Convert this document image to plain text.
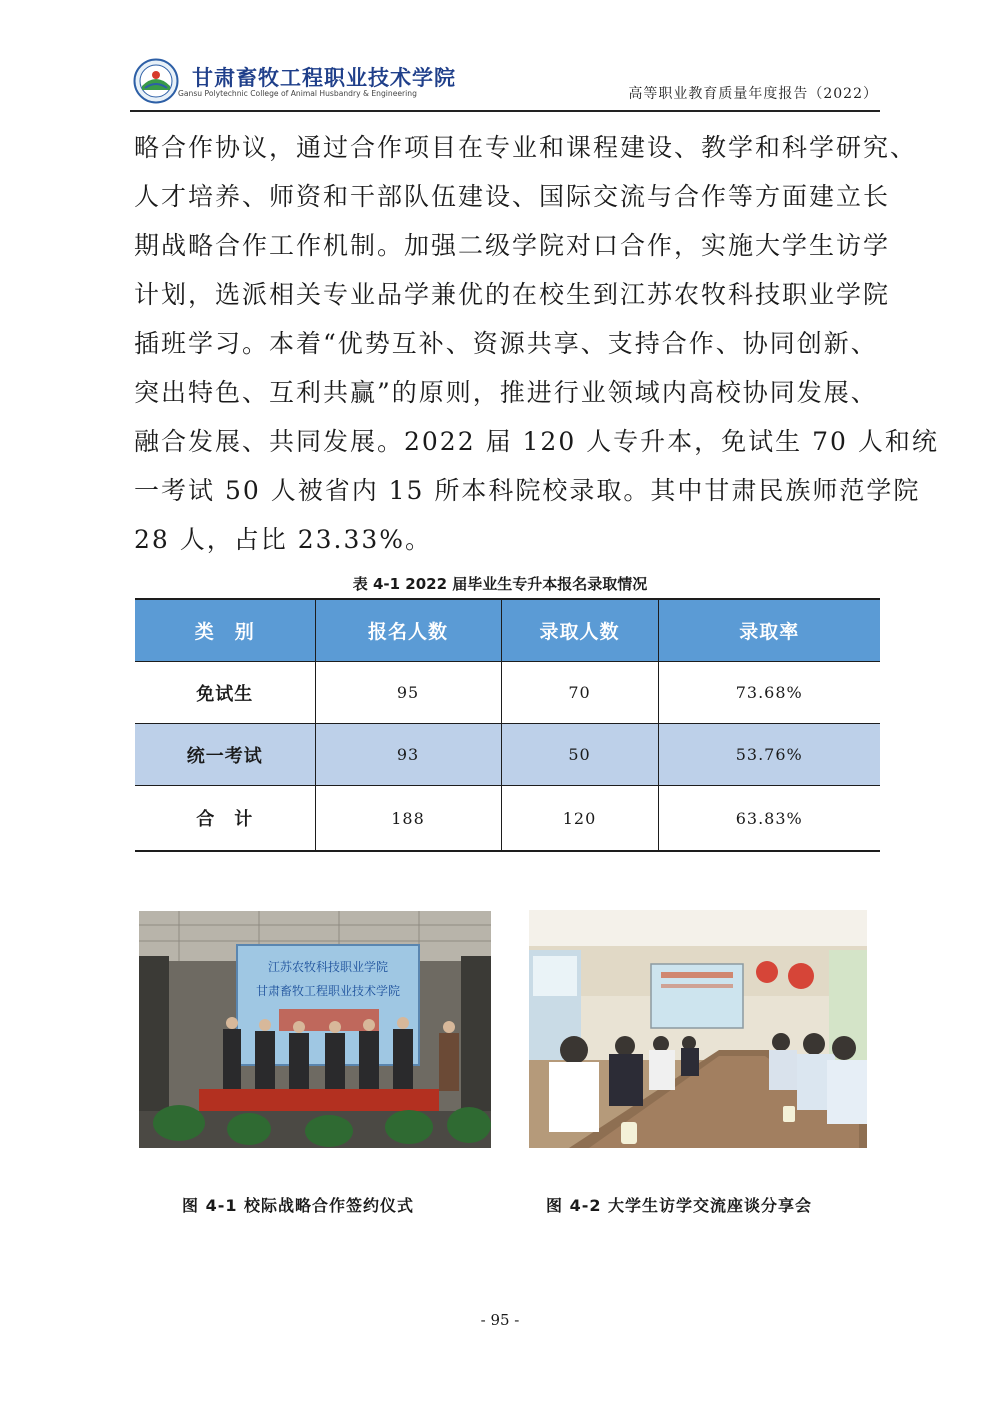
甘肃畜牧工程职业技术学院
Gansu Polytechnic College of Animal Husbandry & Engineering	高等职业教育质量年度报告（2022）
略合作协议，通过合作项目在专业和课程建设、教学和科学研究、
人才培养、师资和干部队伍建设、国际交流与合作等方面建立长
期战略合作工作机制。加强二级学院对口合作，实施大学生访学
计划，选派相关专业品学兼优的在校生到江苏农牧科技职业学院
插班学习。本着“优势互补、资源共享、支持合作、协同创新、
突出特色、互利共赢”的原则，推进行业领域内高校协同发展、
融合发展、共同发展。2022 届 120 人专升本，免试生 70 人和统
一考试 50 人被省内 15 所本科院校录取。其中甘肃民族师范学院
28 人，占比 23.33%。
表 4-1 2022 届毕业生专升本报名录取情况
类　别	报名人数	录取人数	录取率
免试生	95	70	73.68%
统一考试	93	50	53.76%
合　计	188	120	63.83%
江苏农牧科技职业学院
甘肃畜牧工程职业技术学院
图 4-1 校际战略合作签约仪式	图 4-2 大学生访学交流座谈分享会
- 95 -
